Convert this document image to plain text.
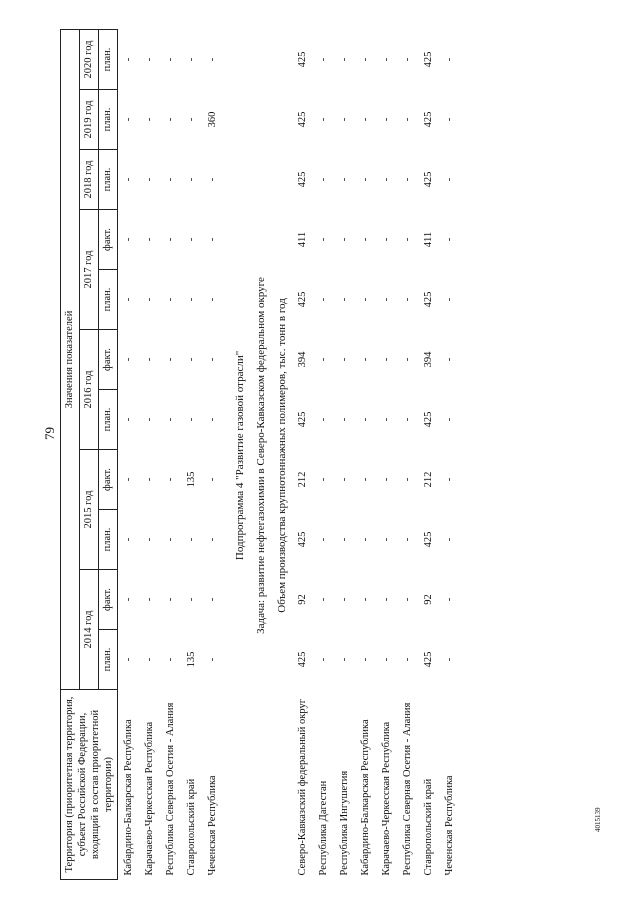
79
4015139
Территория (приоритетная территория, субъект Российской Федерации, входящий в состав приоритетной территории)	Значения показателей										
	2014 год		2015 год		2016 год		2017 год		2018 год	2019 год	2020 год
	план.	факт.	план.	факт.	план.	факт.	план.	факт.	план.	план.	план.
Кабардино-Балкарская Республика	-	-	-	-	-	-	-	-	-	-	-
Карачаево-Черкесская Республика	-	-	-	-	-	-	-	-	-	-	-
Республика Северная Осетия - Алания	-	-	-	-	-	-	-	-	-	-	-
Ставропольский край	135	-	-	135	-	-	-	-	-	-	-
Чеченская Республика	-	-	-	-	-	-	-	-	-	360	-

Подпрограмма 4 "Развитие газовой отрасли"											
Задача: развитие нефтегазохимии в Северо-Кавказском федеральном округе											
Объем производства крупнотоннажных полимеров, тыс. тонн в год											
Северо-Кавказский федеральный округ	425	92	425	212	425	394	425	411	425	425	425
Республика Дагестан	-	-	-	-	-	-	-	-	-	-	-
Республика Ингушетия	-	-	-	-	-	-	-	-	-	-	-
Кабардино-Балкарская Республика	-	-	-	-	-	-	-	-	-	-	-
Карачаево-Черкесская Республика	-	-	-	-	-	-	-	-	-	-	-
Республика Северная Осетия - Алания	-	-	-	-	-	-	-	-	-	-	-
Ставропольский край	425	92	425	212	425	394	425	411	425	425	425
Чеченская Республика	-	-	-	-	-	-	-	-	-	-	-
